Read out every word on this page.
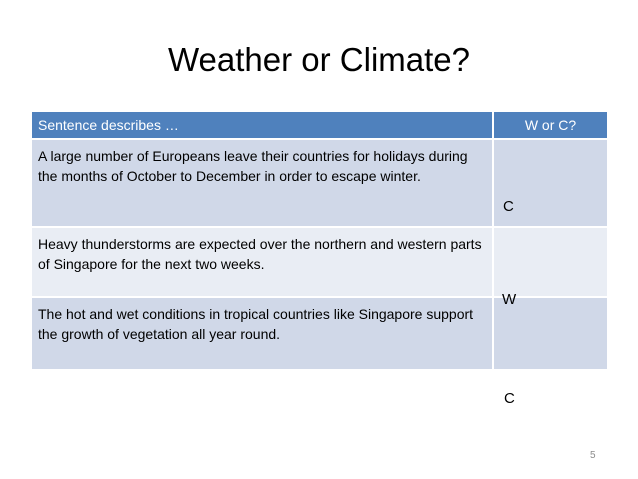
Weather or Climate?
Sentence describes …	W or C?
A large number of Europeans leave their countries for holidays during the months of October to December in order to escape winter.
Heavy thunderstorms are expected over the northern and western parts of Singapore for the next two weeks.
The hot and wet conditions in tropical countries like Singapore support the growth of vegetation all year round.
C
W
C
5
